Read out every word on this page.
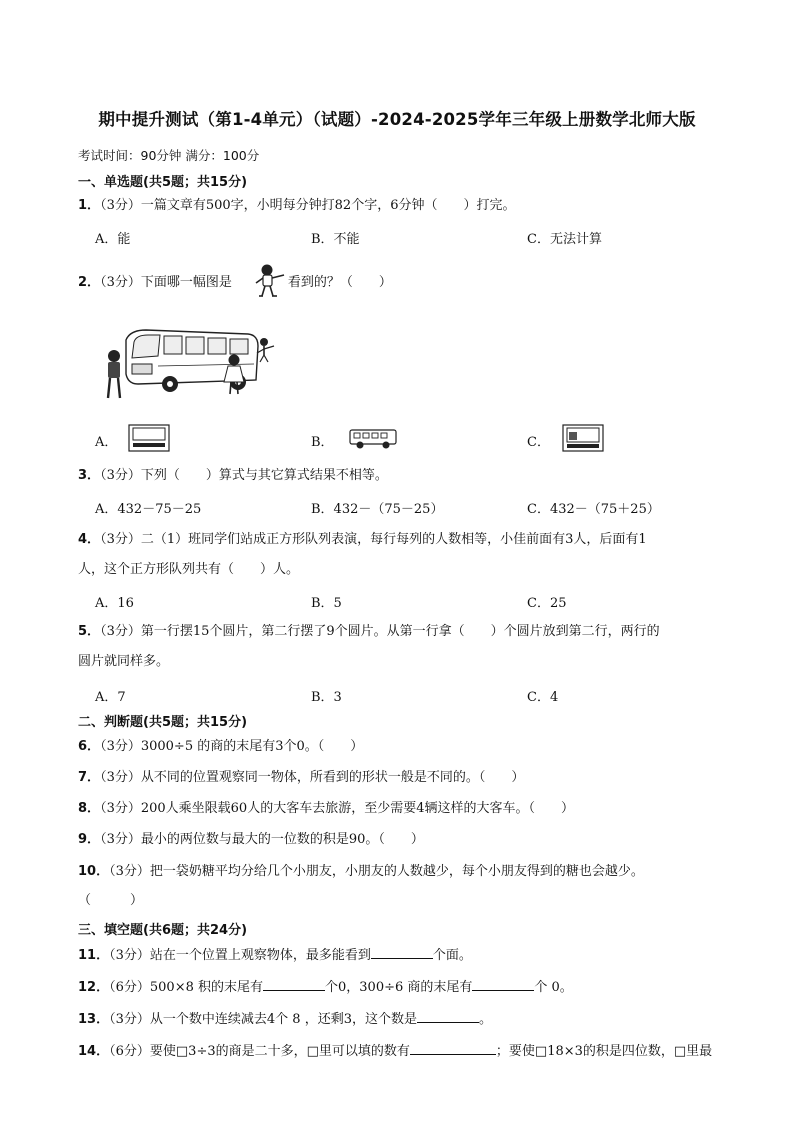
期中提升测试（第1-4单元）（试题）-2024-2025学年三年级上册数学北师大版
考试时间：90分钟 满分：100分
一、单选题(共5题；共15分)
1．（3分）一篇文章有500字，小明每分钟打82个字，6分钟（　　）打完。
A．能	B．不能	C．无法计算
2．（3分）下面哪一幅图是	看到的？（　　）
A．	B．	C．
3．（3分）下列（　　）算式与其它算式结果不相等。
A．432－75－25	B．432－（75－25）	C．432－（75＋25）
4．（3分）二（1）班同学们站成正方形队列表演，每行每列的人数相等，小佳前面有3人，后面有1
人，这个正方形队列共有（　　）人。
A．16	B．5	C．25
5．（3分）第一行摆15个圆片，第二行摆了9个圆片。从第一行拿（　　）个圆片放到第二行，两行的
圆片就同样多。
A．7	B．3	C．4
二、判断题(共5题；共15分)
6．（3分）3000÷5 的商的末尾有3个0。（　　）
7．（3分）从不同的位置观察同一物体，所看到的形状一般是不同的。（　　）
8．（3分）200人乘坐限载60人的大客车去旅游，至少需要4辆这样的大客车。（　　）
9．（3分）最小的两位数与最大的一位数的积是90。（　　）
10．（3分）把一袋奶糖平均分给几个小朋友，小朋友的人数越少，每个小朋友得到的糖也会越少。
（　　　）
三、填空题(共6题；共24分)
11．（3分）站在一个位置上观察物体，最多能看到	个面。
12．（6分）500×8 积的末尾有	个0，300÷6 商的末尾有	个 0。
13．（3分）从一个数中连续减去4个 8 ，还剩3，这个数是	。
14．（6分）要使□3÷3的商是二十多，□里可以填的数有	；要使□18×3的积是四位数，□里最
